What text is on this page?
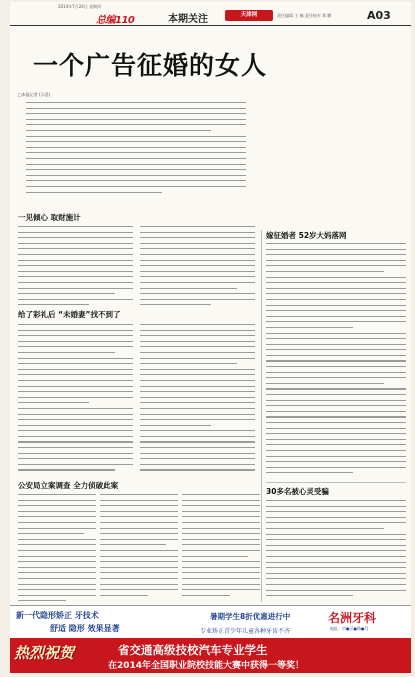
2014年7月24日 星期四
总编110	本期关注	天津网	责任编辑 王 楠 责任校对 郑 鹏	A03
一个广告征婚的女人
□本报记者 (示意)
一见倾心 取财施计
给了彩礼后 “未婚妻”找不到了
公安局立案调查 全力侦破此案
嫁征婚者 52岁大妈落网
30多名被心灵受骗
新一代隐形矫正 牙技术
舒适 隐形 效果显著
暑期学生8折优惠进行中
专业矫正青少年儿童各种牙齿不齐
名洲牙科
地址：市●区●路●号
热烈祝贺	省交通高级技校汽车专业学生
在2014年全国职业院校技能大赛中获得一等奖！
